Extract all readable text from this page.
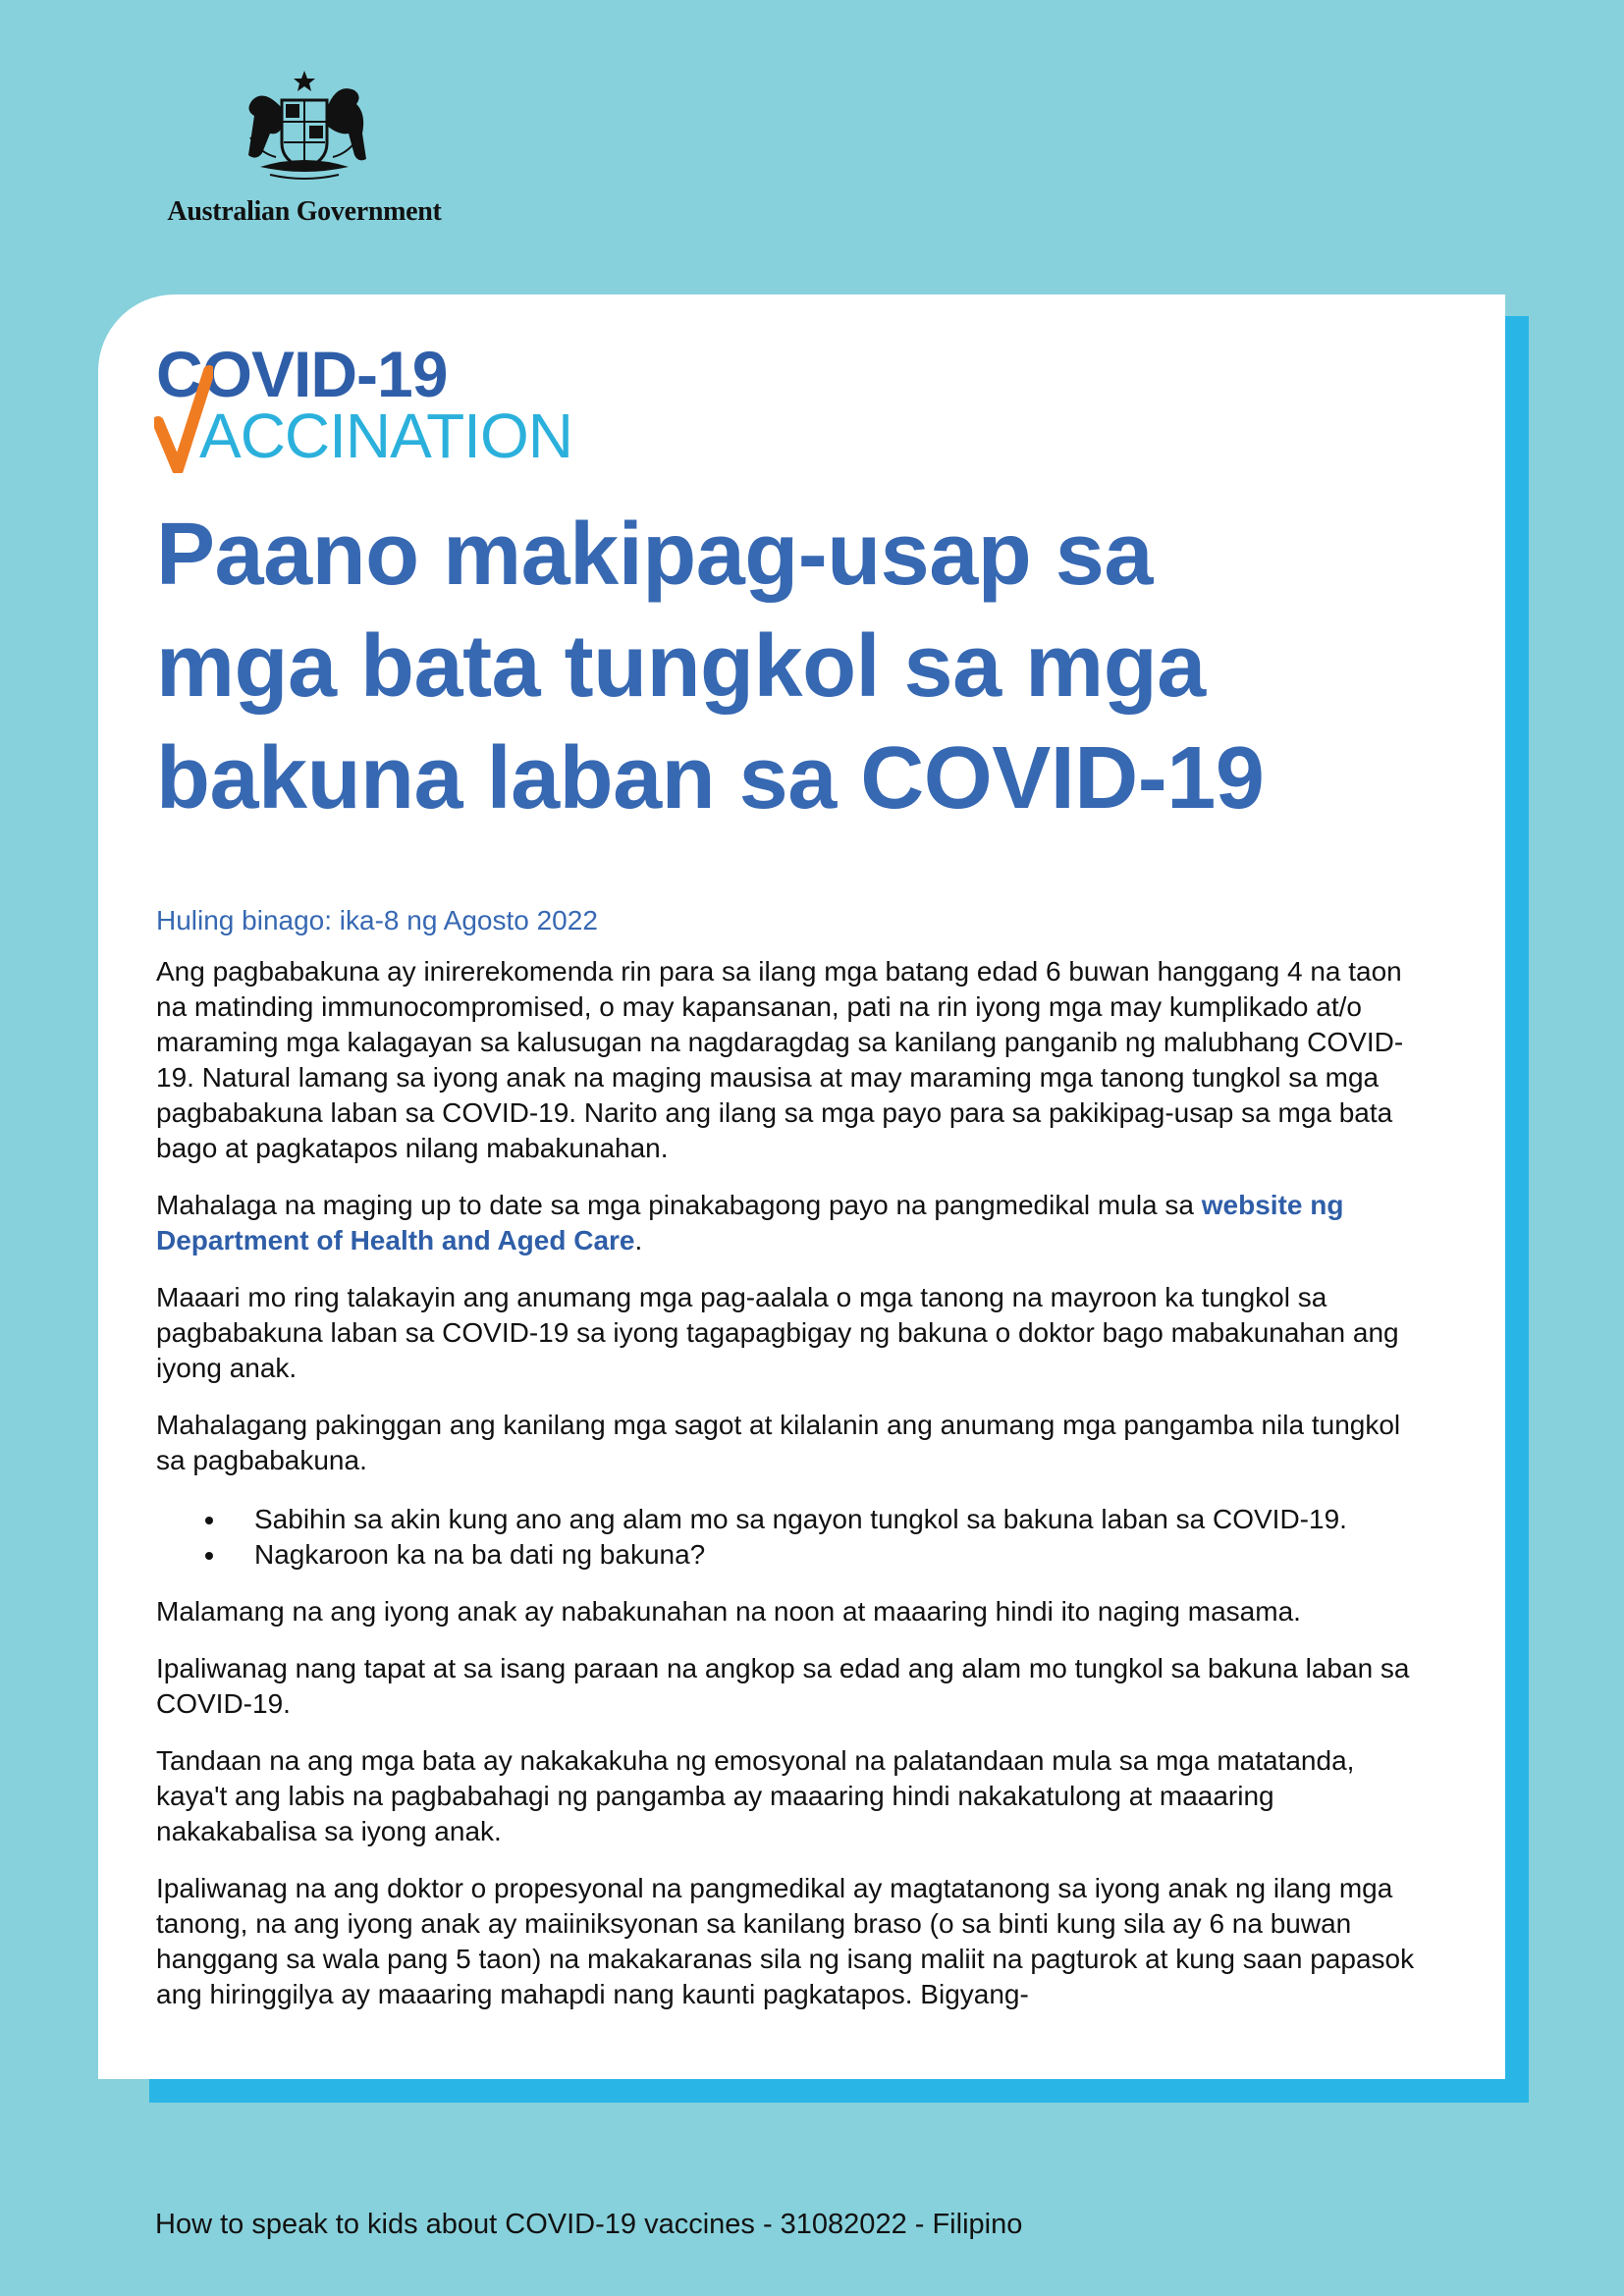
Australian Government
COVID-19
ACCINATION
Paano makipag-usap sa
mga bata tungkol sa mga
bakuna laban sa COVID-19
Huling binago: ika-8 ng Agosto 2022

Ang pagbabakuna ay inirerekomenda rin para sa ilang mga batang edad 6 buwan hanggang 4 na taon na matinding immunocompromised, o may kapansanan, pati na rin iyong mga may kumplikado at/o maraming mga kalagayan sa kalusugan na nagdaragdag sa kanilang panganib ng malubhang COVID-19. Natural lamang sa iyong anak na maging mausisa at may maraming mga tanong tungkol sa mga pagbabakuna laban sa COVID-19. Narito ang ilang sa mga payo para sa pakikipag-usap sa mga bata bago at pagkatapos nilang mabakunahan.

Mahalaga na maging up to date sa mga pinakabagong payo na pangmedikal mula sa website ng Department of Health and Aged Care.

Maaari mo ring talakayin ang anumang mga pag-aalala o mga tanong na mayroon ka tungkol sa pagbabakuna laban sa COVID-19 sa iyong tagapagbigay ng bakuna o doktor bago mabakunahan ang iyong anak.

Mahalagang pakinggan ang kanilang mga sagot at kilalanin ang anumang mga pangamba nila tungkol sa pagbabakuna.

Sabihin sa akin kung ano ang alam mo sa ngayon tungkol sa bakuna laban sa COVID-19.
Nagkaroon ka na ba dati ng bakuna?

Malamang na ang iyong anak ay nabakunahan na noon at maaaring hindi ito naging masama.

Ipaliwanag nang tapat at sa isang paraan na angkop sa edad ang alam mo tungkol sa bakuna laban sa COVID-19.

Tandaan na ang mga bata ay nakakakuha ng emosyonal na palatandaan mula sa mga matatanda, kaya't ang labis na pagbabahagi ng pangamba ay maaaring hindi nakakatulong at maaaring nakakabalisa sa iyong anak.

Ipaliwanag na ang doktor o propesyonal na pangmedikal ay magtatanong sa iyong anak ng ilang mga tanong, na ang iyong anak ay maiiniksyonan sa kanilang braso (o sa binti kung sila ay 6 na buwan hanggang sa wala pang 5 taon) na makakaranas sila ng isang maliit na pagturok at kung saan papasok ang hiringgilya ay maaaring mahapdi nang kaunti pagkatapos. Bigyang-

How to speak to kids about COVID-19 vaccines - 31082022 - Filipino
